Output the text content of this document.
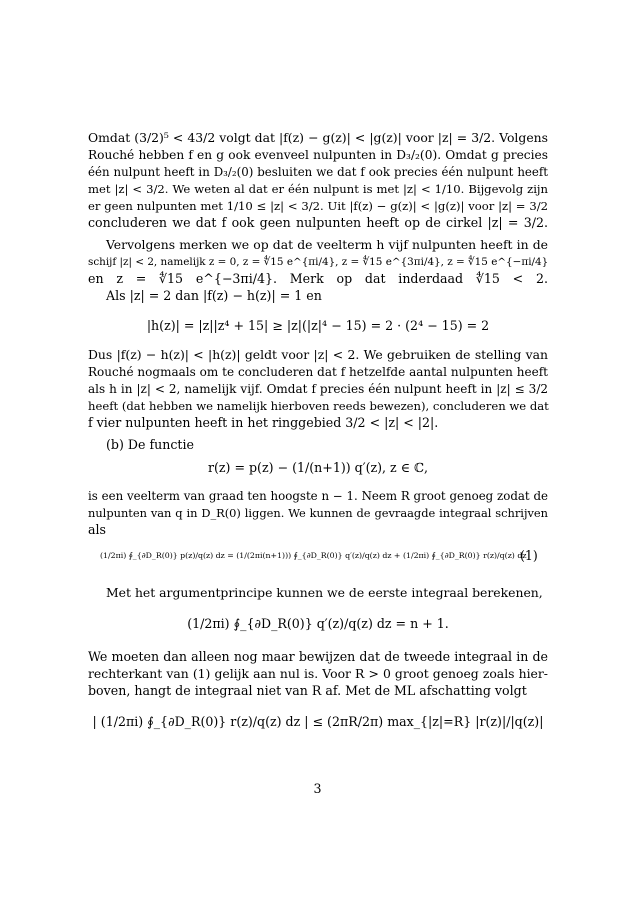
Omdat (3/2)⁵ < 43/2 volgt dat |f(z) − g(z)| < |g(z)| voor |z| = 3/2. Volgens
Rouché hebben f en g ook evenveel nulpunten in D₃/₂(0). Omdat g precies
één nulpunt heeft in D₃/₂(0) besluiten we dat f ook precies één nulpunt heeft
met |z| < 3/2. We weten al dat er één nulpunt is met |z| < 1/10. Bijgevolg zijn
er geen nulpunten met 1/10 ≤ |z| < 3/2. Uit |f(z) − g(z)| < |g(z)| voor |z| = 3/2
concluderen we dat f ook geen nulpunten heeft op de cirkel |z| = 3/2.
Vervolgens merken we op dat de veelterm h vijf nulpunten heeft in de
schijf |z| < 2, namelijk z = 0, z = ∜15 e^{πi/4}, z = ∜15 e^{3πi/4}, z = ∜15 e^{−πi/4}
en z = ∜15 e^{−3πi/4}. Merk op dat inderdaad ∜15 < 2.
Als |z| = 2 dan |f(z) − h(z)| = 1 en
|h(z)| = |z||z⁴ + 15| ≥ |z|(|z|⁴ − 15) = 2 · (2⁴ − 15) = 2
Dus |f(z) − h(z)| < |h(z)| geldt voor |z| < 2. We gebruiken de stelling van
Rouché nogmaals om te concluderen dat f hetzelfde aantal nulpunten heeft
als h in |z| < 2, namelijk vijf. Omdat f precies één nulpunt heeft in |z| ≤ 3/2
heeft (dat hebben we namelijk hierboven reeds bewezen), concluderen we dat
f vier nulpunten heeft in het ringgebied 3/2 < |z| < |2|.
(b) De functie
r(z) = p(z) − (1/(n+1)) q′(z), z ∈ ℂ,
is een veelterm van graad ten hoogste n − 1. Neem R groot genoeg zodat de
nulpunten van q in D_R(0) liggen. We kunnen de gevraagde integraal schrijven
als
(1/2πi) ∮_{∂D_R(0)} p(z)/q(z) dz = (1/(2πi(n+1))) ∮_{∂D_R(0)} q′(z)/q(z) dz + (1/2πi) ∮_{∂D_R(0)} r(z)/q(z) dz
(1)
Met het argumentprincipe kunnen we de eerste integraal berekenen,
(1/2πi) ∮_{∂D_R(0)} q′(z)/q(z) dz = n + 1.
We moeten dan alleen nog maar bewijzen dat de tweede integraal in de
rechterkant van (1) gelijk aan nul is. Voor R > 0 groot genoeg zoals hier-
boven, hangt de integraal niet van R af. Met de ML afschatting volgt
| (1/2πi) ∮_{∂D_R(0)} r(z)/q(z) dz | ≤ (2πR/2π) max_{|z|=R} |r(z)|/|q(z)|
3
